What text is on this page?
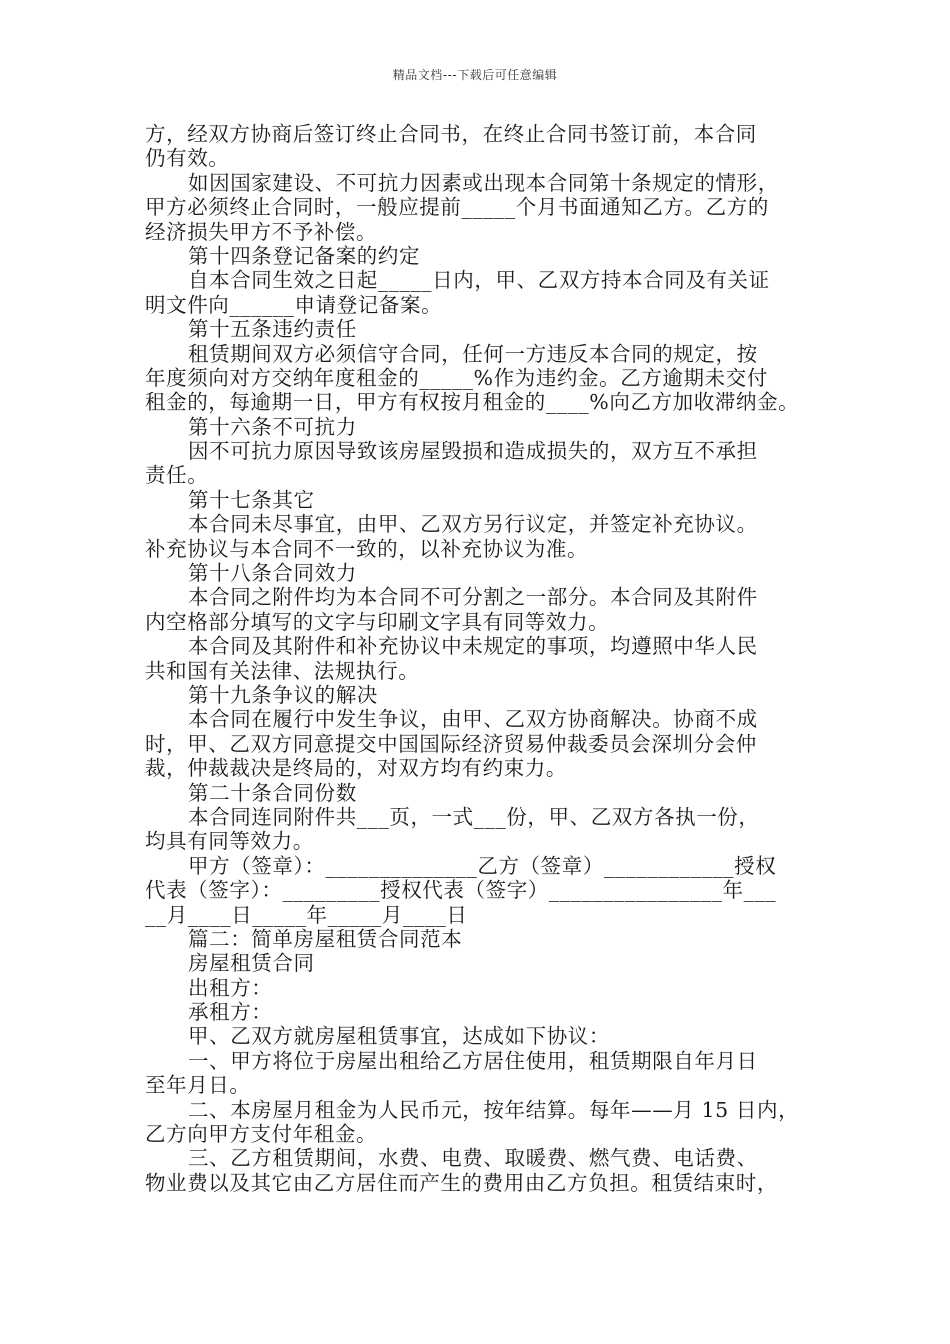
精品文档---下载后可任意编辑
方，经双方协商后签订终止合同书，在终止合同书签订前，本合同
仍有效。
如因国家建设、不可抗力因素或出现本合同第十条规定的情形，
甲方必须终止合同时，一般应提前_____个月书面通知乙方。乙方的
经济损失甲方不予补偿。
第十四条登记备案的约定
自本合同生效之日起_____日内，甲、乙双方持本合同及有关证
明文件向______申请登记备案。
第十五条违约责任
租赁期间双方必须信守合同，任何一方违反本合同的规定，按
年度须向对方交纳年度租金的_____%作为违约金。乙方逾期未交付
租金的，每逾期一日，甲方有权按月租金的____%向乙方加收滞纳金。
第十六条不可抗力
因不可抗力原因导致该房屋毁损和造成损失的，双方互不承担
责任。
第十七条其它
本合同未尽事宜，由甲、乙双方另行议定，并签定补充协议。
补充协议与本合同不一致的，以补充协议为准。
第十八条合同效力
本合同之附件均为本合同不可分割之一部分。本合同及其附件
内空格部分填写的文字与印刷文字具有同等效力。
本合同及其附件和补充协议中未规定的事项，均遵照中华人民
共和国有关法律、法规执行。
第十九条争议的解决
本合同在履行中发生争议，由甲、乙双方协商解决。协商不成
时，甲、乙双方同意提交中国国际经济贸易仲裁委员会深圳分会仲
裁，仲裁裁决是终局的，对双方均有约束力。
第二十条合同份数
本合同连同附件共___页，一式___份，甲、乙双方各执一份，
均具有同等效力。
甲方（签章）：______________乙方（签章）____________授权
代表（签字）：_________授权代表（签字）________________年___
__月____日_____年_____月____日
篇二：简单房屋租赁合同范本
房屋租赁合同
出租方：
承租方：
甲、乙双方就房屋租赁事宜，达成如下协议：
一、甲方将位于房屋出租给乙方居住使用，租赁期限自年月日
至年月日。
二、本房屋月租金为人民币元，按年结算。每年——月 15 日内，
乙方向甲方支付年租金。
三、乙方租赁期间，水费、电费、取暖费、燃气费、电话费、
物业费以及其它由乙方居住而产生的费用由乙方负担。租赁结束时，
